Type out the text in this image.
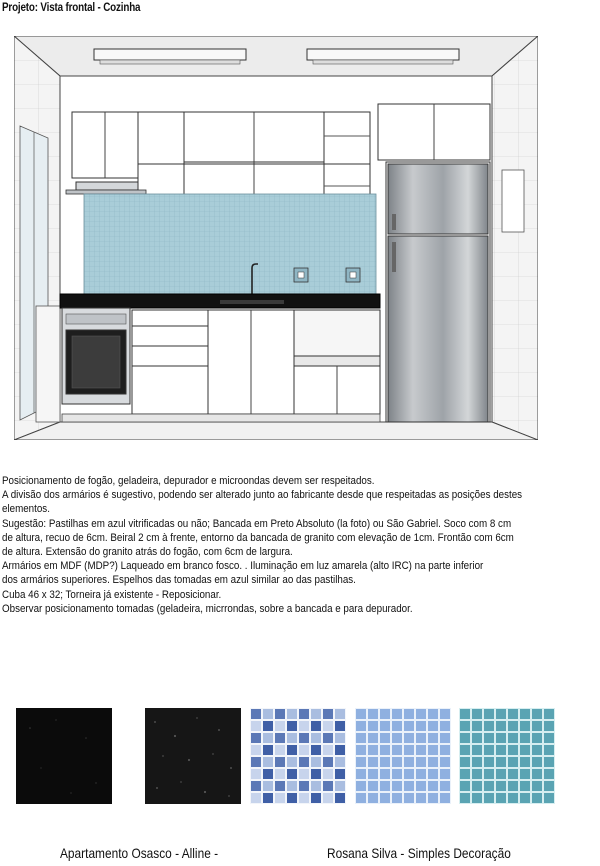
Projeto: Vista frontal - Cozinha
Posicionamento de fogão, geladeira, depurador e microondas devem ser respeitados.
A divisão dos armários é sugestivo, podendo ser alterado junto ao fabricante desde que respeitadas as posições destes
elementos.
Sugestão: Pastilhas em azul vitrificadas ou não; Bancada em Preto Absoluto (la foto) ou São Gabriel. Soco com 8 cm
de altura, recuo de 6cm. Beiral 2 cm à frente, entorno da bancada de granito com elevação de 1cm. Frontão com 6cm
de altura. Extensão do granito atrás do fogão, com 6cm de largura.
Armários em MDF (MDP?) Laqueado em branco fosco. . Iluminação em luz amarela (alto IRC) na parte inferior
dos armários superiores. Espelhos das tomadas em azul similar ao das pastilhas.
Cuba 46 x 32; Torneira já existente - Reposicionar.
Observar posicionamento tomadas (geladeira, micrrondas, sobre a bancada e para depurador.
Apartamento Osasco - Alline -	Rosana Silva - Simples Decoração
